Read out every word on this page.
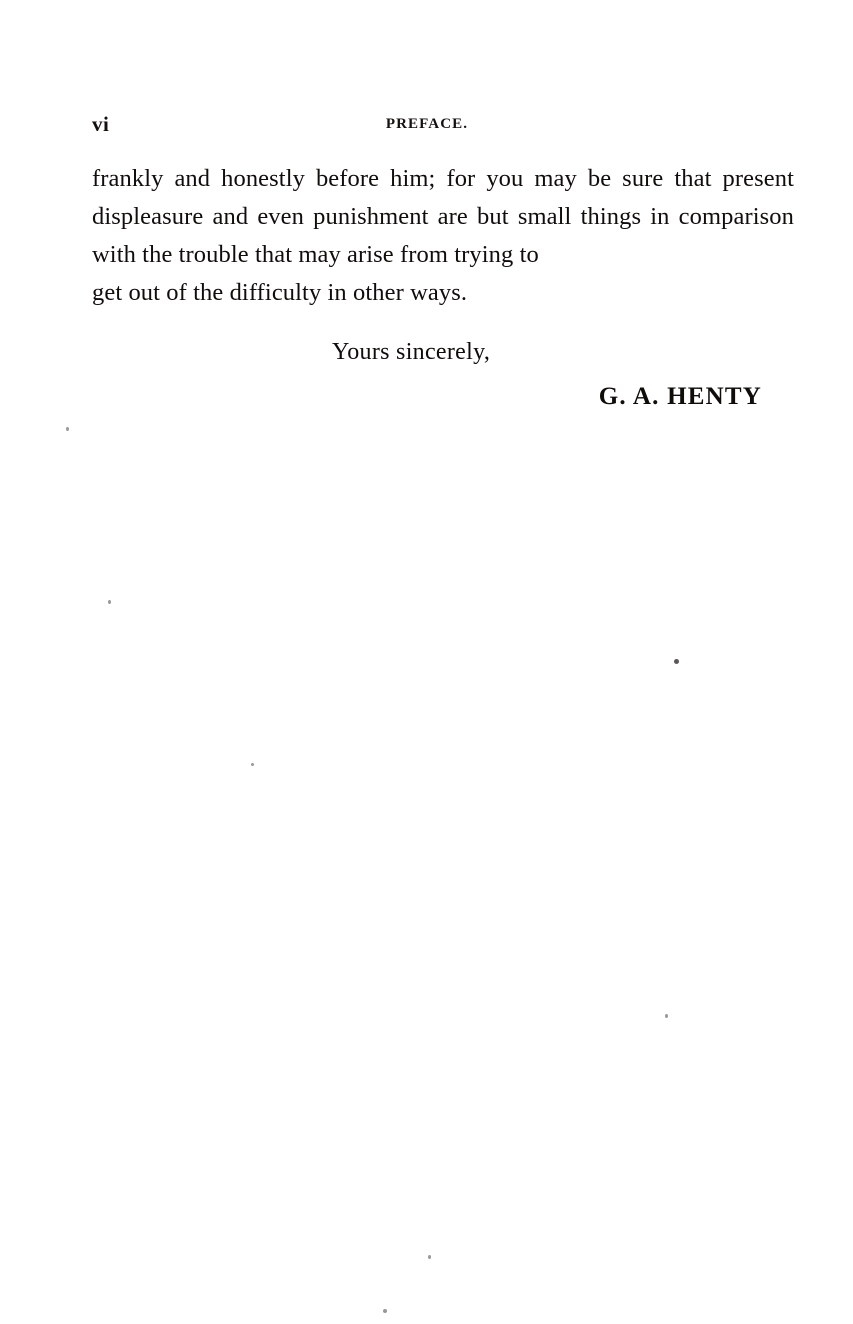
vi	PREFACE.

frankly and honestly before him; for you may be sure that present displeasure and even punishment are but small things in comparison with the trouble that may arise from trying to
get out of the difficulty in other ways.

Yours sincerely,

G. A. HENTY
